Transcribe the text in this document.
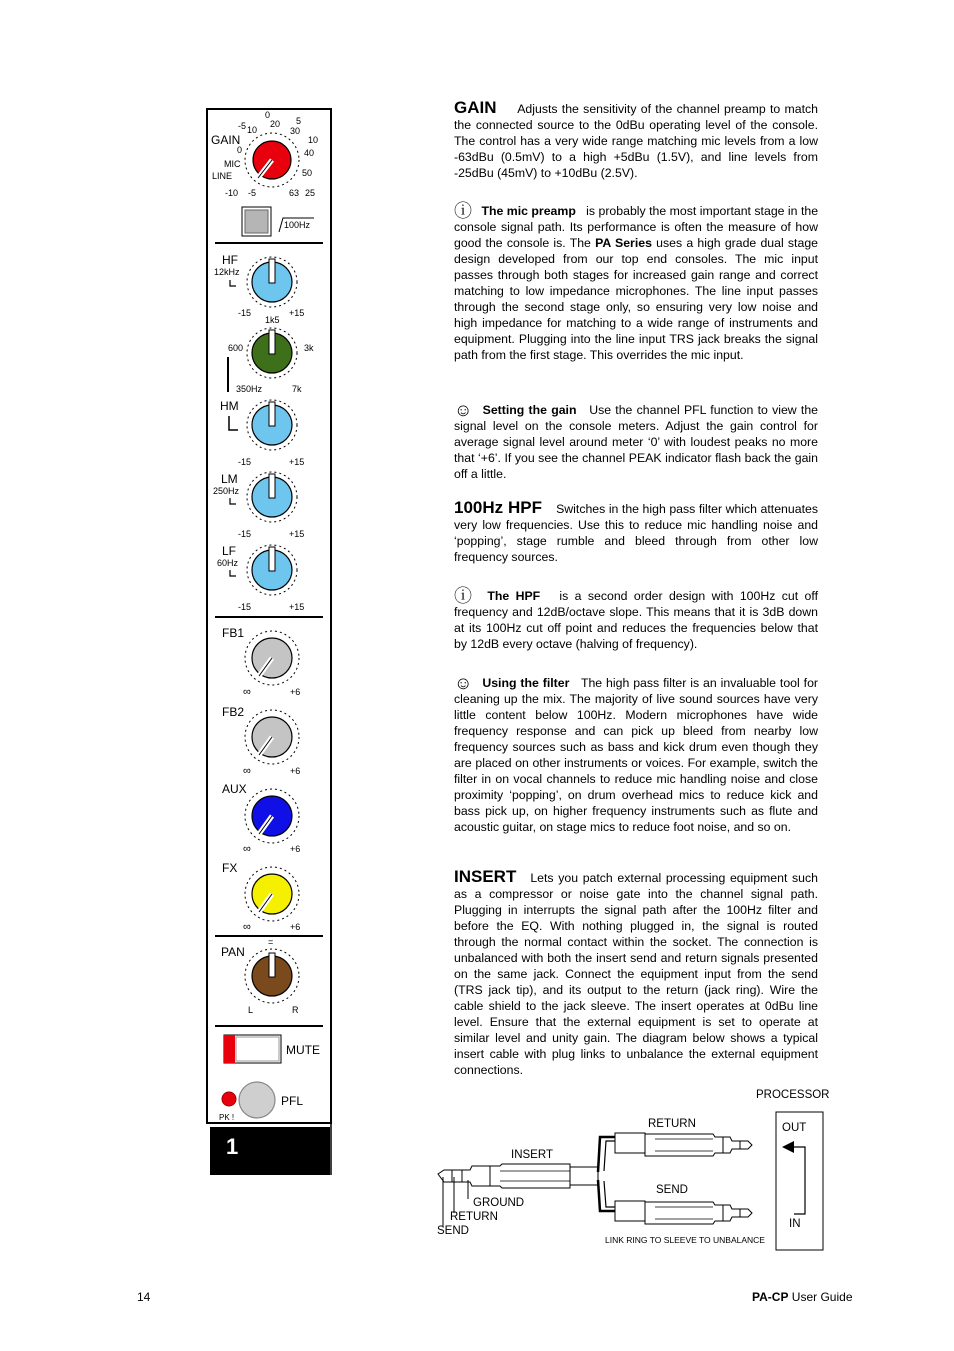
GAIN
MIC
LINE
-5 10
20
30
40
50
63
0
5
10
0
-10 -5	25
100Hz
HF
12kHz
-15	+15
1k5
600	3k
350Hz	7k
HM
-15	+15
LM
250Hz
-15	+15
LF
60Hz
-15	+15
FB1
∞	+6
FB2
∞	+6
AUX
∞	+6
FX
∞	+6
=
PAN
L	R
MUTE
PK !
PFL
1

GAIN Adjusts the sensitivity of the channel preamp to match the connected source to the 0dBu operating level of the console. The control has a very wide range matching mic levels from a low -63dBu (0.5mV) to a high +5dBu (1.5V), and line levels from -25dBu (45mV) to +10dBu (2.5V).

ⓘ The mic preamp is probably the most important stage in the console signal path. Its performance is often the measure of how good the console is. The PA Series uses a high grade dual stage design developed from our top end consoles. The mic input passes through both stages for increased gain range and correct matching to low impedance microphones. The line input passes through the second stage only, so ensuring very low noise and high impedance for matching to a wide range of instruments and equipment. Plugging into the line input TRS jack breaks the signal path from the first stage. This overrides the mic input.

☺ Setting the gain Use the channel PFL function to view the signal level on the console meters. Adjust the gain control for average signal level around meter ‘0’ with loudest peaks no more that ‘+6’. If you see the channel PEAK indicator flash back the gain off a little.

100Hz HPF Switches in the high pass filter which attenuates very low frequencies. Use this to reduce mic handling noise and ‘popping’, stage rumble and bleed through from other low frequency sources.

ⓘ The HPF is a second order design with 100Hz cut off frequency and 12dB/octave slope. This means that it is 3dB down at its 100Hz cut off point and reduces the frequencies below that by 12dB every octave (halving of frequency).

☺ Using the filter The high pass filter is an invaluable tool for cleaning up the mix. The majority of live sound sources have very little content below 100Hz. Modern microphones have wide frequency response and can pick up bleed from nearby low frequency sources such as bass and kick drum even though they are placed on other instruments or voices. For example, switch the filter in on vocal channels to reduce mic handling noise and close proximity ‘popping’, on drum overhead mics to reduce kick and bass pick up, on higher frequency instruments such as flute and acoustic guitar, on stage mics to reduce foot noise, and so on.

INSERT Lets you patch external processing equipment such as a compressor or noise gate into the channel signal path. Plugging in interrupts the signal path after the 100Hz filter and before the EQ. With nothing plugged in, the signal is routed through the normal contact within the socket. The connection is unbalanced with both the insert send and return signals presented on the same jack. Connect the equipment input from the send (TRS jack tip), and its output to the return (jack ring). Wire the cable shield to the jack sleeve. The insert operates at 0dBu line level. Ensure that the external equipment is set to operate at similar level and unity gain. The diagram below shows a typical insert cable with plug links to unbalance the external equipment connections.

PROCESSOR
OUT
IN
INSERT
GROUND
RETURN
SEND
RETURN
SEND
LINK RING TO SLEEVE TO UNBALANCE
14	PA-CP User Guide
